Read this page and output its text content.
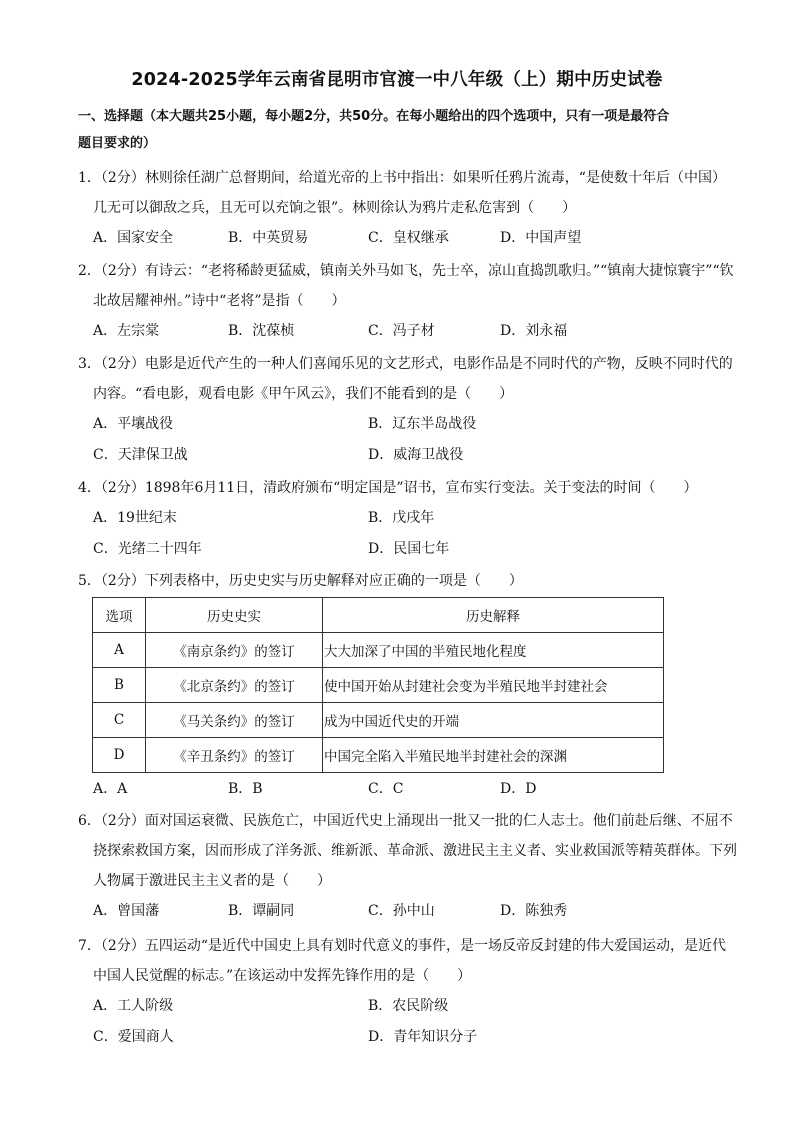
2024-2025学年云南省昆明市官渡一中八年级（上）期中历史试卷
一、选择题（本大题共25小题，每小题2分，共50分。在每小题给出的四个选项中，只有一项是最符合
题目要求的）
1．（2分）林则徐任湖广总督期间，给道光帝的上书中指出：如果听任鸦片流毒，“是使数十年后（中国）几无可以御敌之兵，且无可以充饷之银”。林则徐认为鸦片走私危害到（　　）
A．国家安全	B．中英贸易	C．皇权继承	D．中国声望
2．（2分）有诗云：“老将稀龄更猛威，镇南关外马如飞，先士卒，凉山直捣凯歌归。”“镇南大捷惊寰宇”“钦北故居耀神州。”诗中“老将”是指（　　）
A．左宗棠	B．沈葆桢	C．冯子材	D．刘永福
3．（2分）电影是近代产生的一种人们喜闻乐见的文艺形式，电影作品是不同时代的产物，反映不同时代的内容。“看电影，观看电影《甲午风云》，我们不能看到的是（　　）
A．平壤战役	B．辽东半岛战役
C．天津保卫战	D．威海卫战役
4．（2分）1898年6月11日，清政府颁布“明定国是”诏书，宣布实行变法。关于变法的时间（　　）
A．19世纪末	B．戊戌年
C．光绪二十四年	D．民国七年
5．（2分）下列表格中，历史史实与历史解释对应正确的一项是（　　）
选项	历史史实	历史解释
A	《南京条约》的签订	大大加深了中国的半殖民地化程度
B	《北京条约》的签订	使中国开始从封建社会变为半殖民地半封建社会
C	《马关条约》的签订	成为中国近代史的开端
D	《辛丑条约》的签订	中国完全陷入半殖民地半封建社会的深渊
A．A	B．B	C．C	D．D
6．（2分）面对国运衰微、民族危亡，中国近代史上涌现出一批又一批的仁人志士。他们前赴后继、不屈不挠探索救国方案，因而形成了洋务派、维新派、革命派、激进民主主义者、实业救国派等精英群体。下列人物属于激进民主主义者的是（　　）
A．曾国藩	B．谭嗣同	C．孙中山	D．陈独秀
7．（2分）五四运动“是近代中国史上具有划时代意义的事件，是一场反帝反封建的伟大爱国运动，是近代中国人民觉醒的标志。”在该运动中发挥先锋作用的是（　　）
A．工人阶级	B．农民阶级
C．爱国商人	D．青年知识分子
